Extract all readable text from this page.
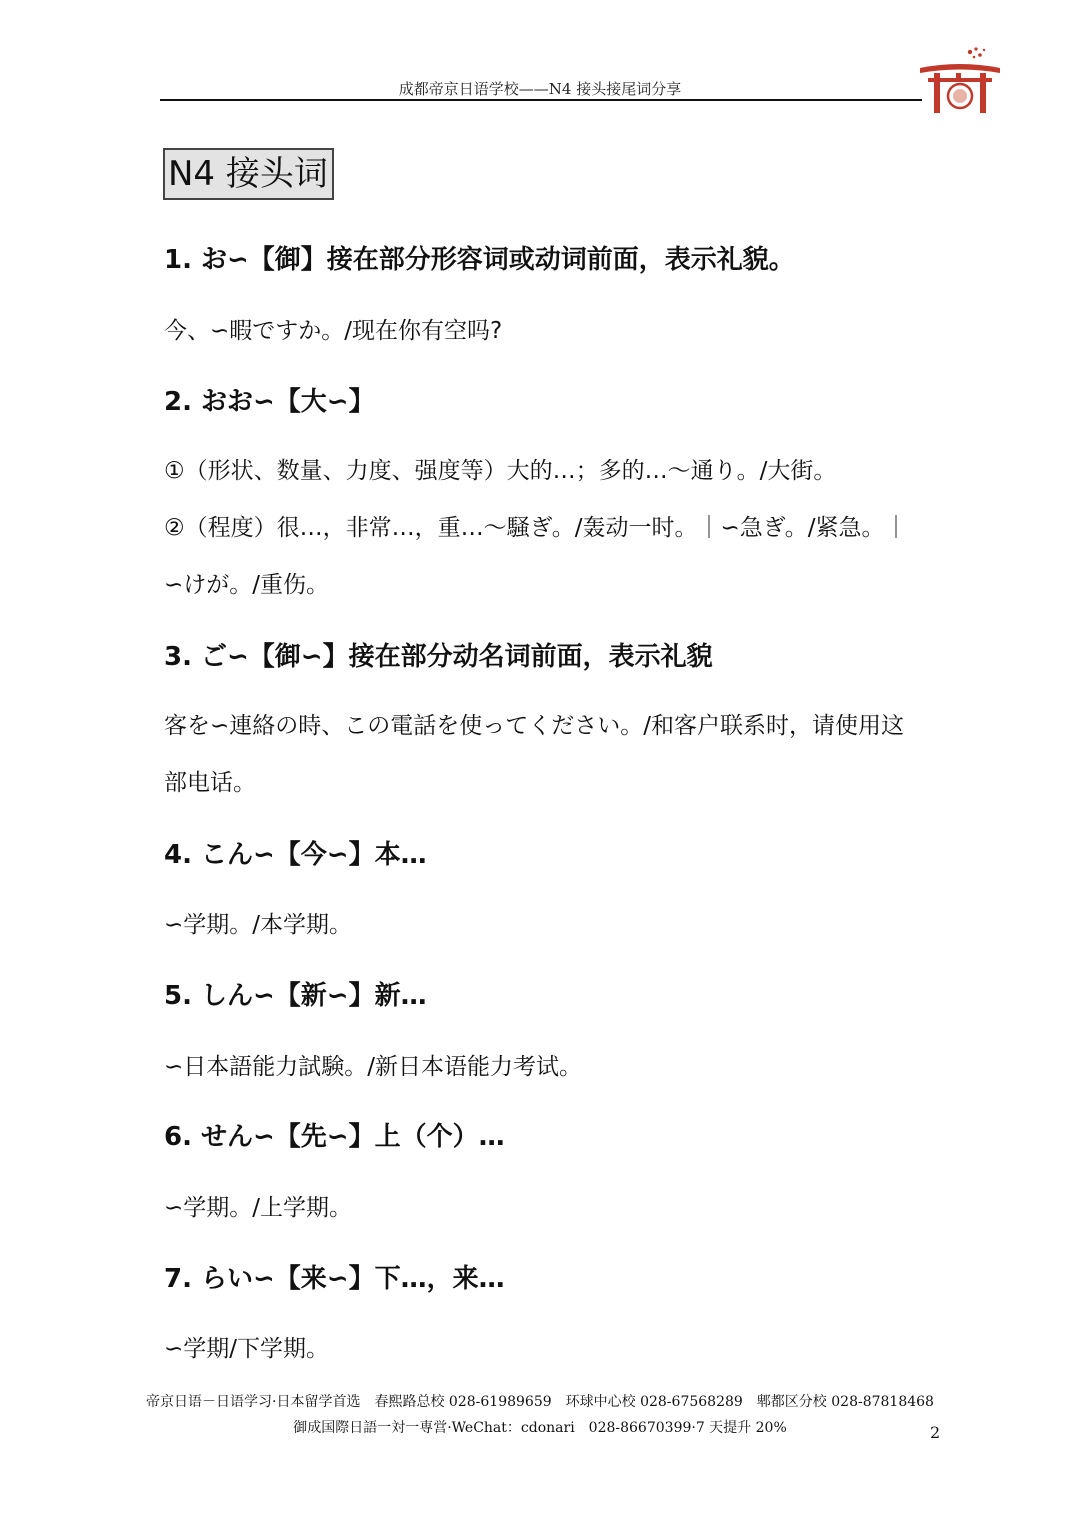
成都帝京日语学校——N4 接头接尾词分享
N4 接头词
1. お∽【御】接在部分形容词或动词前面，表示礼貌。
今、∽暇ですか。/现在你有空吗?
2. おお∽【大∽】
①（形状、数量、力度、强度等）大的…；多的…～通り。/大街。
②（程度）很…，非常…，重…～騒ぎ。/轰动一时。｜∽急ぎ。/紧急。｜∽けが。/重伤。
3. ご∽【御∽】接在部分动名词前面，表示礼貌
客を∽連絡の時、この電話を使ってください。/和客户联系时，请使用这部电话。
4. こん∽【今∽】本…
∽学期。/本学期。
5. しん∽【新∽】新…
∽日本語能力試験。/新日本语能力考试。
6. せん∽【先∽】上（个）…
∽学期。/上学期。
7. らい∽【来∽】下…，来…
∽学期/下学期。
帝京日语－日语学习·日本留学首选　春熙路总校 028-61989659　环球中心校 028-67568289　郫都区分校 028-87818468
御成国際日語一対一専営·WeChat：cdonari　028-86670399·7 天提升 20%	2
